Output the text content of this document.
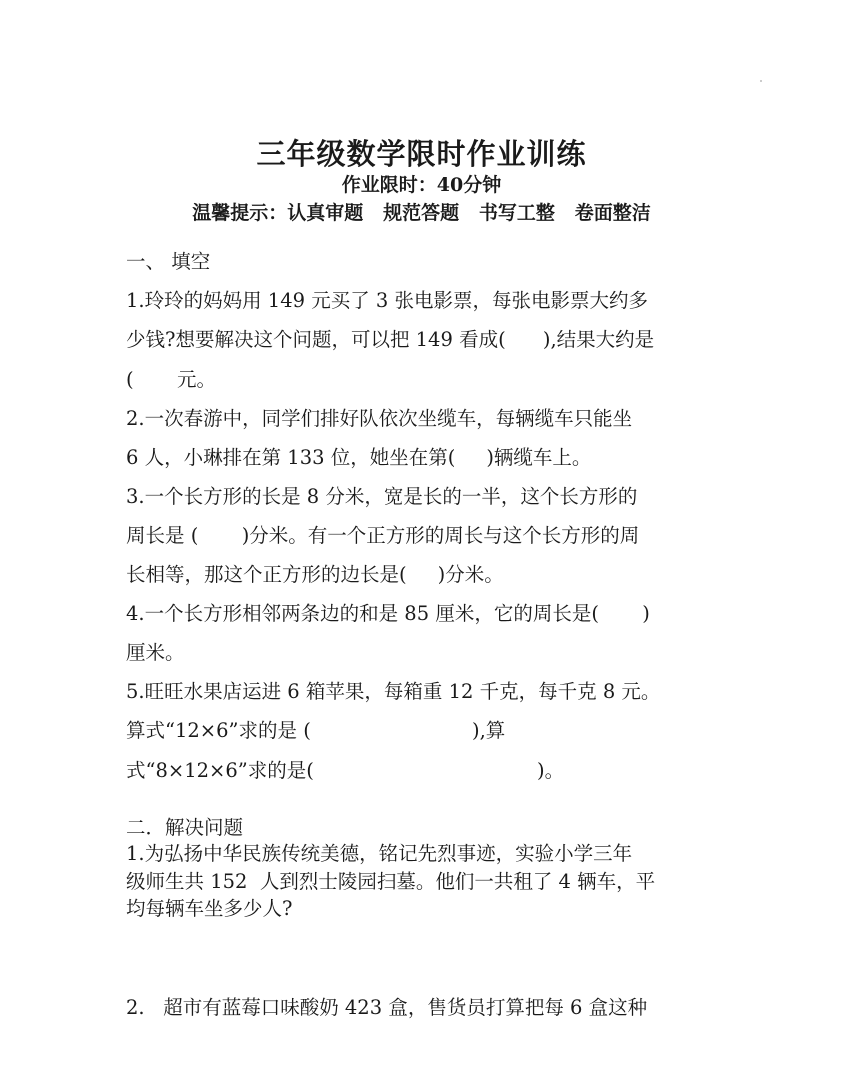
三年级数学限时作业训练
作业限时：40分钟
温馨提示：认真审题   规范答题   书写工整   卷面整洁
一、 填空
1.玲玲的妈妈用 149 元买了 3 张电影票，每张电影票大约多
少钱?想要解决这个问题，可以把 149 看成(      ),结果大约是
(       元。
2.一次春游中，同学们排好队依次坐缆车，每辆缆车只能坐
6 人，小琳排在第 133 位，她坐在第(     )辆缆车上。
3.一个长方形的长是 8 分米，宽是长的一半，这个长方形的
周长是 (       )分米。有一个正方形的周长与这个长方形的周
长相等，那这个正方形的边长是(     )分米。
4.一个长方形相邻两条边的和是 85 厘米，它的周长是(       )
厘米。
5.旺旺水果店运进 6 箱苹果，每箱重 12 千克，每千克 8 元。
算式“12×6”求的是 (                          ),算
式“8×12×6”求的是(                                    )。
二．解决问题
1.为弘扬中华民族传统美德，铭记先烈事迹，实验小学三年
级师生共 152  人到烈士陵园扫墓。他们一共租了 4 辆车，平
均每辆车坐多少人?
2.   超市有蓝莓口味酸奶 423 盒，售货员打算把每 6 盒这种
